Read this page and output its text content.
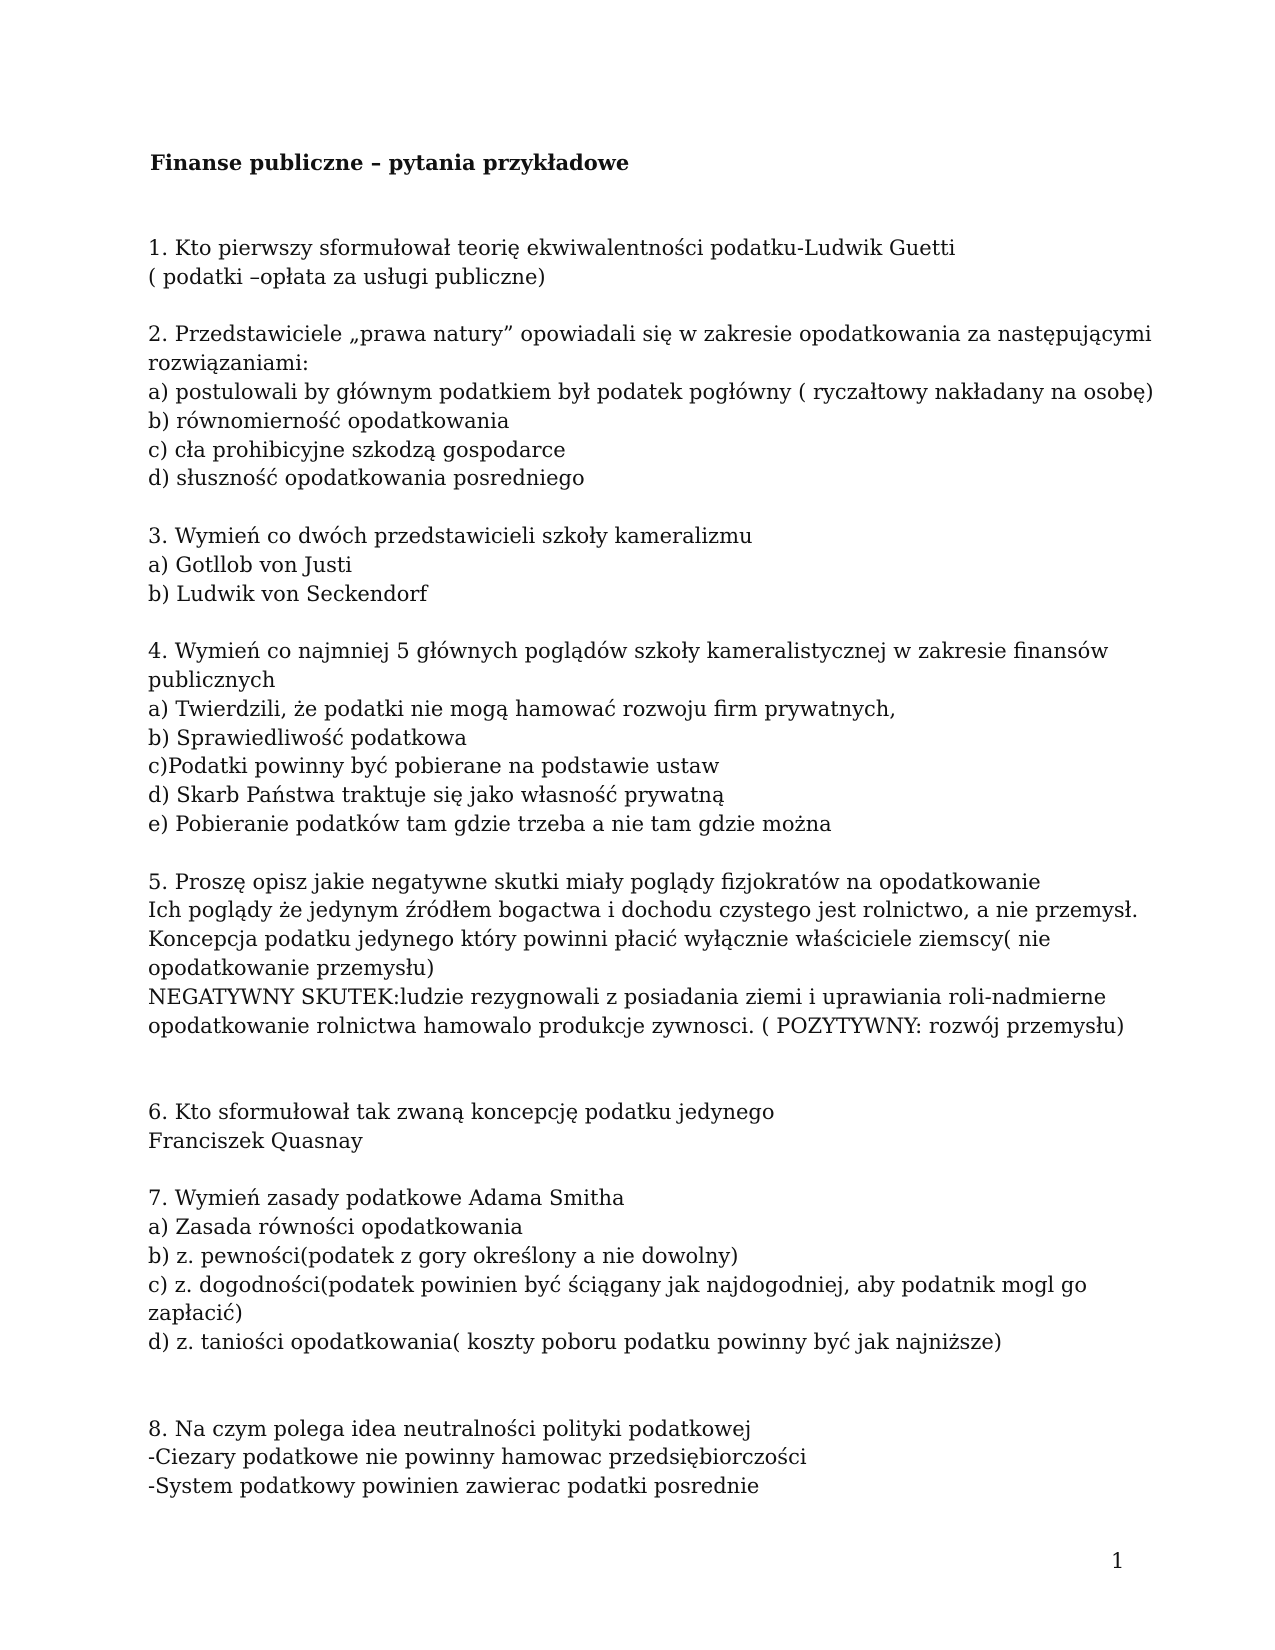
Finanse publiczne – pytania przykładowe
1. Kto pierwszy sformułował teorię ekwiwalentności podatku-Ludwik Guetti
( podatki –opłata za usługi publiczne)
2. Przedstawiciele „prawa natury” opowiadali się w zakresie opodatkowania za następującymi
rozwiązaniami:
a) postulowali by głównym podatkiem był podatek pogłówny ( ryczałtowy nakładany na osobę)
b) równomierność opodatkowania
c) cła prohibicyjne szkodzą gospodarce
d) słuszność opodatkowania posredniego
3. Wymień co dwóch przedstawicieli szkoły kameralizmu
a) Gotllob von Justi
b) Ludwik von Seckendorf
4. Wymień co najmniej 5 głównych poglądów szkoły kameralistycznej w zakresie finansów
publicznych
a) Twierdzili, że podatki nie mogą hamować rozwoju firm prywatnych,
b) Sprawiedliwość podatkowa
c)Podatki powinny być pobierane na podstawie ustaw
d) Skarb Państwa traktuje się jako własność prywatną
e) Pobieranie podatków tam gdzie trzeba a nie tam gdzie można
5. Proszę opisz jakie negatywne skutki miały poglądy fizjokratów na opodatkowanie
Ich poglądy że jedynym źródłem bogactwa i dochodu czystego jest rolnictwo, a nie przemysł.
Koncepcja podatku jedynego który powinni płacić wyłącznie właściciele ziemscy( nie
opodatkowanie przemysłu)
NEGATYWNY SKUTEK:ludzie rezygnowali z posiadania ziemi i uprawiania roli-nadmierne
opodatkowanie rolnictwa hamowalo produkcje zywnosci. ( POZYTYWNY: rozwój przemysłu)
6. Kto sformułował tak zwaną koncepcję podatku jedynego
Franciszek Quasnay
7. Wymień zasady podatkowe Adama Smitha
a) Zasada równości opodatkowania
b) z. pewności(podatek z gory określony a nie dowolny)
c) z. dogodności(podatek powinien być ściągany jak najdogodniej, aby podatnik mogl go
zapłacić)
d) z. taniości opodatkowania( koszty poboru podatku powinny być jak najniższe)
8. Na czym polega idea neutralności polityki podatkowej
-Ciezary podatkowe nie powinny hamowac przedsiębiorczości
-System podatkowy powinien zawierac podatki posrednie
1
